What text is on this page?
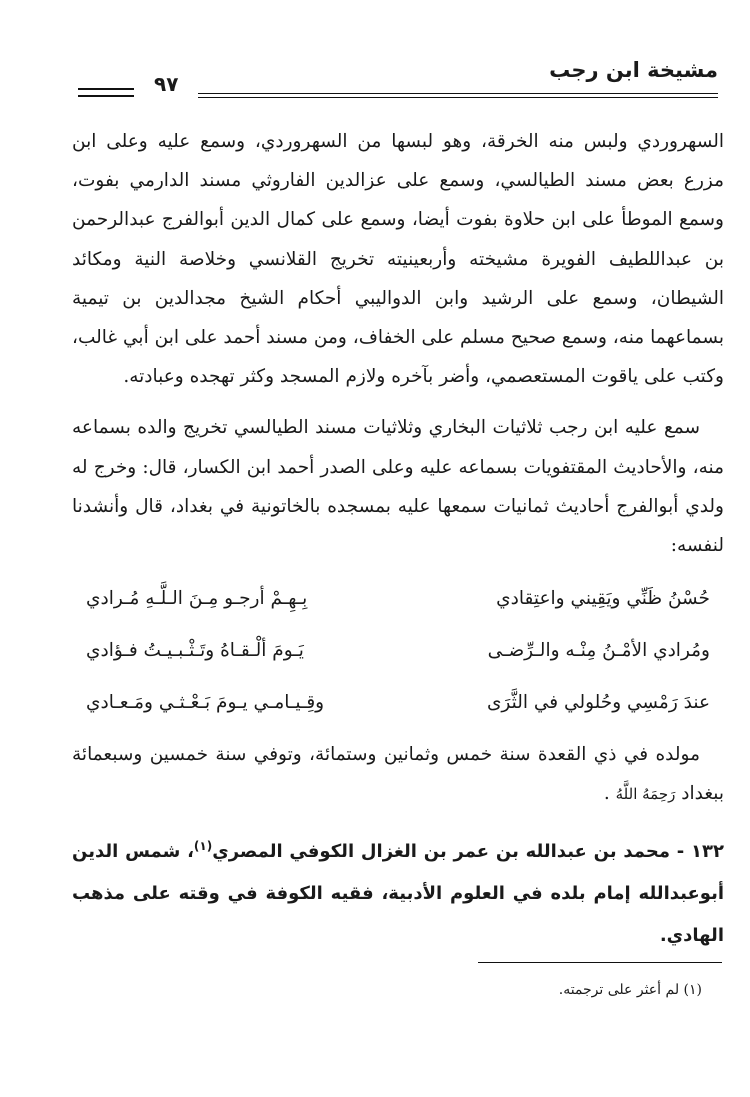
مشيخة ابن رجب
٩٧

السهروردي ولبس منه الخرقة، وهو لبسها من السهروردي، وسمع عليه وعلى ابن مزرع بعض مسند الطيالسي، وسمع على عزالدين الفاروثي مسند الدارمي بفوت، وسمع الموطأ على ابن حلاوة بفوت أيضا، وسمع على كمال الدين أبوالفرج عبدالرحمن بن عبداللطيف الفويرة مشيخته وأربعينيته تخريج القلانسي وخلاصة النية ومكائد الشيطان، وسمع على الرشيد وابن الدواليبي أحكام الشيخ مجدالدين بن تيمية بسماعهما منه، وسمع صحيح مسلم على الخفاف، ومن مسند أحمد على ابن أبي غالب، وكتب على ياقوت المستعصمي، وأضر بآخره ولازم المسجد وكثر تهجده وعبادته.

سمع عليه ابن رجب ثلاثيات البخاري وثلاثيات مسند الطيالسي تخريج والده بسماعه منه، والأحاديث المقتفويات بسماعه عليه وعلى الصدر أحمد ابن الكسار، قال: وخرج له ولدي أبوالفرج أحاديث ثمانيات سمعها عليه بمسجده بالخاتونية في بغداد، قال وأنشدنا لنفسه:

حُسْنُ ظَنِّي ويَقِيني واعتِقادي
بِـهِـمْ أرجـو مِـنَ الـلَّـهِ مُـرادي
ومُرادي الأمْـنُ مِنْـه والـرِّضـى
يَـومَ ألْـقـاهُ وتَـثْـبـيـتُ فـؤادي
عندَ رَمْسِي وحُلولي في الثَّرَى
وقِـيـامـي يـومَ بَـعْـثـي ومَـعـادي

مولده في ذي القعدة سنة خمس وثمانين وستمائة، وتوفي سنة خمسين وسبعمائة ببغداد رَحِمَهُ اللَّهُ .

١٣٢ - محمد بن عبدالله بن عمر بن الغزال الكوفي المصري$^{(١)}$، شمس الدين أبوعبدالله إمام بلده في العلوم الأدبية، فقيه الكوفة في وقته على مذهب الهادي.
(١) لم أعثر على ترجمته.
